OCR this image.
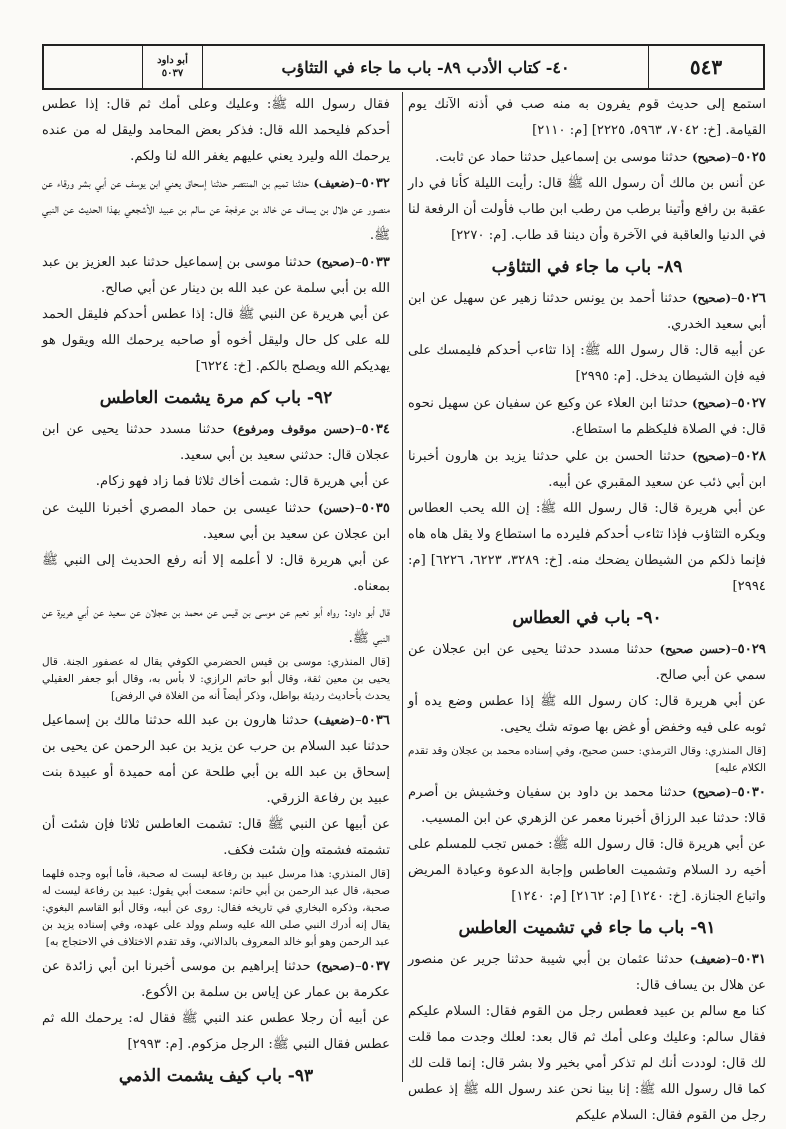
٥٤٣
٤٠- كتاب الأدب ٨٩- باب ما جاء في التثاؤب
أبو داود
٥٠٣٧

استمع إلى حديث قوم يفرون به منه صب في أذنه الآنك يوم القيامة. [خ: ٧٠٤٢، ٥٩٦٣، ٢٢٢٥] [م: ٢١١٠]

٥٠٢٥–(صحيح) حدثنا موسى بن إسماعيل حدثنا حماد عن ثابت.

عن أنس بن مالك أن رسول الله ﷺ قال: رأيت الليلة كأنا في دار عقبة بن رافع وأتينا برطب من رطب ابن طاب فأولت أن الرفعة لنا في الدنيا والعاقبة في الآخرة وأن ديننا قد طاب. [م: ٢٢٧٠]

٨٩- باب ما جاء في التثاؤب

٥٠٢٦–(صحيح) حدثنا أحمد بن يونس حدثنا زهير عن سهيل عن ابن أبي سعيد الخدري.

عن أبيه قال: قال رسول الله ﷺ: إذا تثاءب أحدكم فليمسك على فيه فإن الشيطان يدخل. [م: ٢٩٩٥]

٥٠٢٧–(صحيح) حدثنا ابن العلاء عن وكيع عن سفيان عن سهيل نحوه قال: في الصلاة فليكظم ما استطاع.

٥٠٢٨–(صحيح) حدثنا الحسن بن علي حدثنا يزيد بن هارون أخبرنا ابن أبي ذئب عن سعيد المقبري عن أبيه.

عن أبي هريرة قال: قال رسول الله ﷺ: إن الله يحب العطاس ويكره التثاؤب فإذا تثاءب أحدكم فليرده ما استطاع ولا يقل هاه هاه فإنما ذلكم من الشيطان يضحك منه. [خ: ٣٢٨٩، ٦٢٢٣، ٦٢٢٦] [م: ٢٩٩٤]

٩٠- باب في العطاس

٥٠٢٩–(حسن صحيح) حدثنا مسدد حدثنا يحيى عن ابن عجلان عن سمي عن أبي صالح.

عن أبي هريرة قال: كان رسول الله ﷺ إذا عطس وضع يده أو ثوبه على فيه وخفض أو غض بها صوته شك يحيى.

[قال المنذري: وقال الترمذي: حسن صحيح، وفي إسناده محمد بن عجلان وقد تقدم الكلام عليه]

٥٠٣٠–(صحيح) حدثنا محمد بن داود بن سفيان وخشيش بن أصرم قالا: حدثنا عبد الرزاق أخبرنا معمر عن الزهري عن ابن المسيب.

عن أبي هريرة قال: قال رسول الله ﷺ: خمس تجب للمسلم على أخيه رد السلام وتشميت العاطس وإجابة الدعوة وعيادة المريض واتباع الجنازة. [خ: ١٢٤٠] [م: ٢١٦٢] [م: ١٢٤٠]

٩١- باب ما جاء في تشميت العاطس

٥٠٣١–(ضعيف) حدثنا عثمان بن أبي شيبة حدثنا جرير عن منصور عن هلال بن يساف قال:

كنا مع سالم بن عبيد فعطس رجل من القوم فقال: السلام عليكم فقال سالم: وعليك وعلى أمك ثم قال بعد: لعلك وجدت مما قلت لك قال: لوددت أنك لم تذكر أمي بخير ولا بشر قال: إنما قلت لك كما قال رسول الله ﷺ: إنا بينا نحن عند رسول الله ﷺ إذ عطس رجل من القوم فقال: السلام عليكم

فقال رسول الله ﷺ: وعليك وعلى أمك ثم قال: إذا عطس أحدكم فليحمد الله قال: فذكر بعض المحامد وليقل له من عنده يرحمك الله وليرد يعني عليهم يغفر الله لنا ولكم.

٥٠٣٢–(ضعيف) حدثنا تميم بن المنتصر حدثنا إسحاق يعني ابن يوسف عن أبي بشر ورقاء عن منصور عن هلال بن يساف عن خالد بن عرفجة عن سالم بن عبيد الأشجعي بهذا الحديث عن النبي ﷺ.

٥٠٣٣–(صحيح) حدثنا موسى بن إسماعيل حدثنا عبد العزيز بن عبد الله بن أبي سلمة عن عبد الله بن دينار عن أبي صالح.

عن أبي هريرة عن النبي ﷺ قال: إذا عطس أحدكم فليقل الحمد لله على كل حال وليقل أخوه أو صاحبه يرحمك الله ويقول هو يهديكم الله ويصلح بالكم. [خ: ٦٢٢٤]

٩٢- باب كم مرة يشمت العاطس

٥٠٣٤–(حسن موقوف ومرفوع) حدثنا مسدد حدثنا يحيى عن ابن عجلان قال: حدثني سعيد بن أبي سعيد.

عن أبي هريرة قال: شمت أخاك ثلاثا فما زاد فهو زكام.

٥٠٣٥–(حسن) حدثنا عيسى بن حماد المصري أخبرنا الليث عن ابن عجلان عن سعيد بن أبي سعيد.

عن أبي هريرة قال: لا أعلمه إلا أنه رفع الحديث إلى النبي ﷺ بمعناه.

قال أبو داود: رواه أبو نعيم عن موسى بن قيس عن محمد بن عجلان عن سعيد عن أبي هريرة عن النبي ﷺ.

[قال المنذري: موسى بن قيس الحضرمي الكوفي يقال له عصفور الجنة. قال يحيى بن معين ثقة، وقال أبو حاتم الرازي: لا بأس به، وقال أبو جعفر العقيلي يحدث بأحاديث رديئة بواطل، وذكر أيضاً أنه من الغلاة في الرفض]

٥٠٣٦–(ضعيف) حدثنا هارون بن عبد الله حدثنا مالك بن إسماعيل حدثنا عبد السلام بن حرب عن يزيد بن عبد الرحمن عن يحيى بن إسحاق بن عبد الله بن أبي طلحة عن أمه حميدة أو عبيدة بنت عبيد بن رفاعة الزرقي.

عن أبيها عن النبي ﷺ قال: تشمت العاطس ثلاثا فإن شئت أن تشمته فشمته وإن شئت فكف.

[قال المنذري: هذا مرسل عبيد بن رفاعة ليست له صحبة، فأما أبوه وجده فلهما صحبة، قال عبد الرحمن بن أبي حاتم: سمعت أبي يقول: عبيد بن رفاعة ليست له صحبة، وذكره البخاري في تاريخه فقال: روى عن أبيه، وقال أبو القاسم البغوي: يقال إنه أدرك النبي صلى الله عليه وسلم وولد على عهده، وفي إسناده يزيد بن عبد الرحمن وهو أبو خالد المعروف بالدالاني، وقد تقدم الاختلاف في الاحتجاج به]

٥٠٣٧–(صحيح) حدثنا إبراهيم بن موسى أخبرنا ابن أبي زائدة عن عكرمة بن عمار عن إياس بن سلمة بن الأكوع.

عن أبيه أن رجلا عطس عند النبي ﷺ فقال له: يرحمك الله ثم عطس فقال النبي ﷺ: الرجل مزكوم. [م: ٢٩٩٣]

٩٣- باب كيف يشمت الذمي
